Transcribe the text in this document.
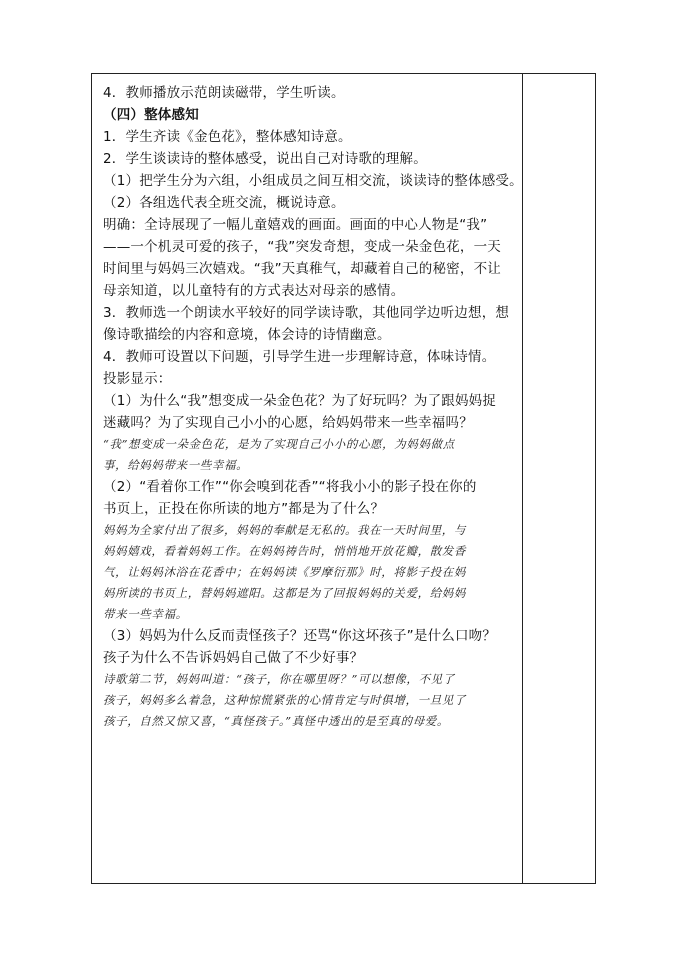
4．教师播放示范朗读磁带，学生听读。
（四）整体感知
1．学生齐读《金色花》，整体感知诗意。
2．学生谈读诗的整体感受，说出自己对诗歌的理解。
（1）把学生分为六组，小组成员之间互相交流，谈读诗的整体感受。
（2）各组选代表全班交流，概说诗意。
明确：全诗展现了一幅儿童嬉戏的画面。画面的中心人物是“我”
——一个机灵可爱的孩子，“我”突发奇想，变成一朵金色花，一天
时间里与妈妈三次嬉戏。“我”天真稚气，却藏着自己的秘密，不让
母亲知道，以儿童特有的方式表达对母亲的感情。
3．教师选一个朗读水平较好的同学读诗歌，其他同学边听边想，想
像诗歌描绘的内容和意境，体会诗的诗情幽意。
4．教师可设置以下问题，引导学生进一步理解诗意，体味诗情。
投影显示：
（1）为什么“我”想变成一朵金色花？为了好玩吗？为了跟妈妈捉
迷藏吗？为了实现自己小小的心愿，给妈妈带来一些幸福吗？
“我”想变成一朵金色花，是为了实现自己小小的心愿，为妈妈做点
事，给妈妈带来一些幸福。
（2）“看着你工作”“你会嗅到花香”“将我小小的影子投在你的
书页上，正投在你所读的地方”都是为了什么？
妈妈为全家付出了很多，妈妈的奉献是无私的。我在一天时间里，与
妈妈嬉戏，看着妈妈工作。在妈妈祷告时，悄悄地开放花瓣，散发香
气，让妈妈沐浴在花香中；在妈妈读《罗摩衍那》时，将影子投在妈
妈所读的书页上，替妈妈遮阳。这都是为了回报妈妈的关爱，给妈妈
带来一些幸福。
（3）妈妈为什么反而责怪孩子？还骂“你这坏孩子”是什么口吻？
孩子为什么不告诉妈妈自己做了不少好事？
诗歌第二节，妈妈叫道：“孩子，你在哪里呀？”可以想像，不见了
孩子，妈妈多么着急，这种惊慌紧张的心情肯定与时俱增，一旦见了
孩子，自然又惊又喜，“真怪孩子。”真怪中透出的是至真的母爱。
